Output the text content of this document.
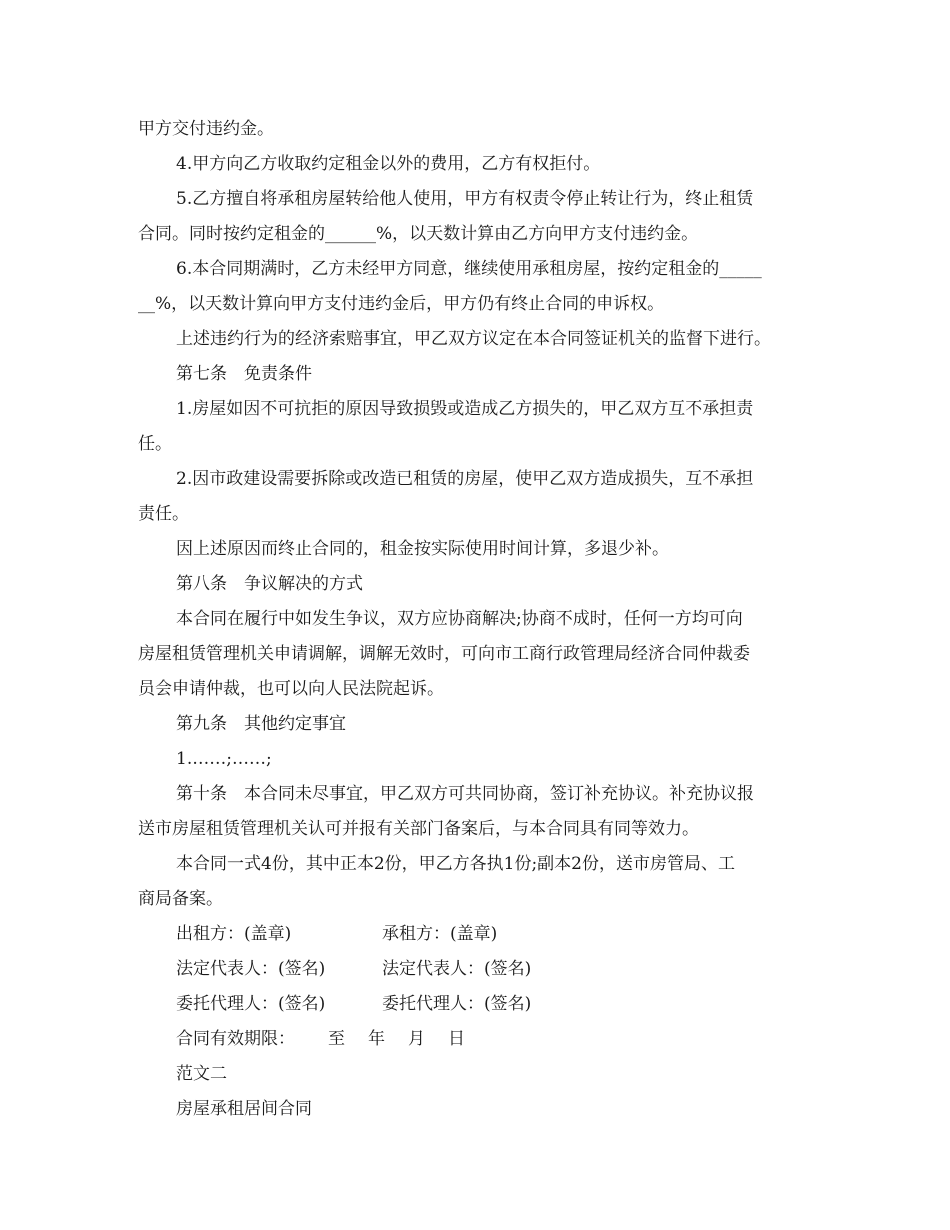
甲方交付违约金。
4.甲方向乙方收取约定租金以外的费用，乙方有权拒付。
5.乙方擅自将承租房屋转给他人使用，甲方有权责令停止转让行为，终止租赁
合同。同时按约定租金的______%，以天数计算由乙方向甲方支付违约金。
6.本合同期满时，乙方未经甲方同意，继续使用承租房屋，按约定租金的_____
__%，以天数计算向甲方支付违约金后，甲方仍有终止合同的申诉权。
上述违约行为的经济索赔事宜，甲乙双方议定在本合同签证机关的监督下进行。
第七条　免责条件
1.房屋如因不可抗拒的原因导致损毁或造成乙方损失的，甲乙双方互不承担责
任。
2.因市政建设需要拆除或改造已租赁的房屋，使甲乙双方造成损失，互不承担
责任。
因上述原因而终止合同的，租金按实际使用时间计算，多退少补。
第八条　争议解决的方式
本合同在履行中如发生争议，双方应协商解决;协商不成时，任何一方均可向
房屋租赁管理机关申请调解，调解无效时，可向市工商行政管理局经济合同仲裁委
员会申请仲裁，也可以向人民法院起诉。
第九条　其他约定事宜
1.……;……;
第十条　本合同未尽事宜，甲乙双方可共同协商，签订补充协议。补充协议报
送市房屋租赁管理机关认可并报有关部门备案后，与本合同具有同等效力。
本合同一式4份，其中正本2份，甲乙方各执1份;副本2份，送市房管局、工
商局备案。
出租方：(盖章)	承租方：(盖章)
法定代表人：(签名)	法定代表人：(签名)
委托代理人：(签名)	委托代理人：(签名)
合同有效期限： 至 年 月 日
范文二
房屋承租居间合同
